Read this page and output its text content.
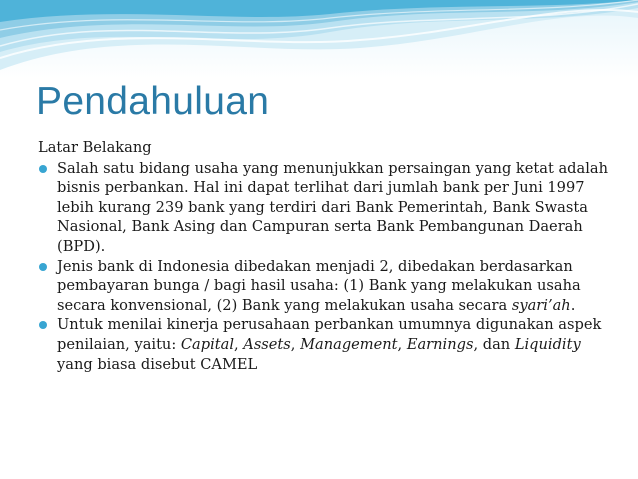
Pendahuluan

Latar Belakang

Salah satu bidang usaha yang menunjukkan persaingan yang ketat adalah bisnis perbankan. Hal ini dapat terlihat dari jumlah bank per Juni 1997 lebih kurang 239 bank yang terdiri dari Bank Pemerintah, Bank Swasta Nasional, Bank Asing dan Campuran serta Bank Pembangunan Daerah (BPD).
Jenis bank di Indonesia dibedakan menjadi 2, dibedakan berdasarkan pembayaran bunga / bagi hasil usaha: (1) Bank yang melakukan usaha secara konvensional, (2) Bank yang melakukan usaha secara syari’ah.
Untuk menilai kinerja perusahaan perbankan umumnya digunakan aspek penilaian, yaitu: Capital, Assets, Management, Earnings, dan Liquidity yang biasa disebut CAMEL
